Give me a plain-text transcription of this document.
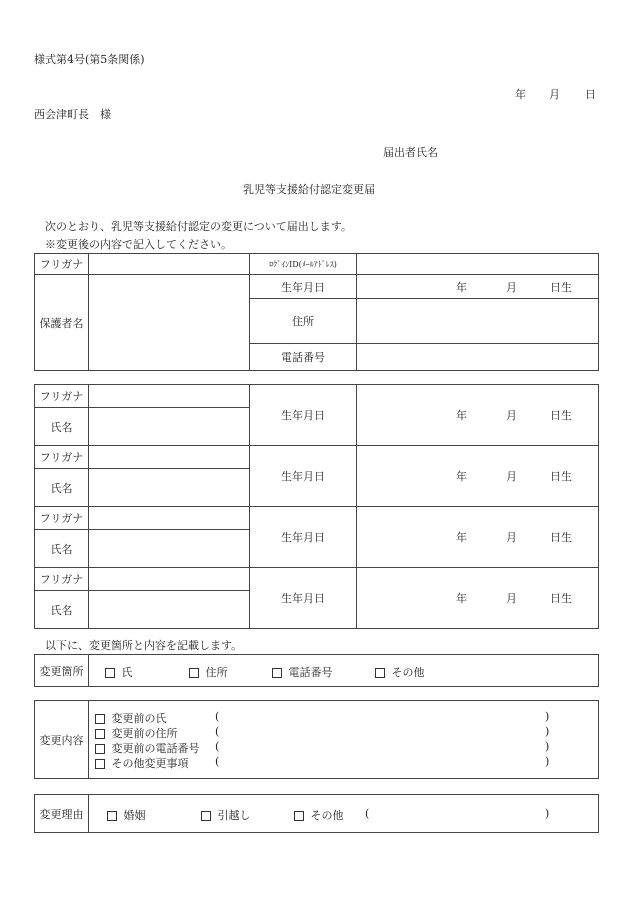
様式第4号(第5条関係)
年 月 日
西会津町長　様
届出者氏名
乳児等支援給付認定変更届
次のとおり、乳児等支援給付認定の変更について届出します。
※変更後の内容で記入してください。
フリガナ		ﾛｸﾞｲﾝID(ﾒｰﾙｱﾄﾞﾚｽ)	
保護者名		生年月日	年 月 日生

		住所	
		電話番号	
フリガナ		生年月日	年 月 日生

氏名			
フリガナ		生年月日	年 月 日生

氏名			
フリガナ		生年月日	年 月 日生

氏名			
フリガナ		生年月日	年 月 日生

氏名			
以下に、変更箇所と内容を記載します。
変更箇所	氏	住所	電話番号	その他
変更内容	
変更前の氏	(	)
変更前の住所	(	)
変更前の電話番号 (	)
その他変更事項 (	)
変更理由	婚姻	引越し	その他 (	)
